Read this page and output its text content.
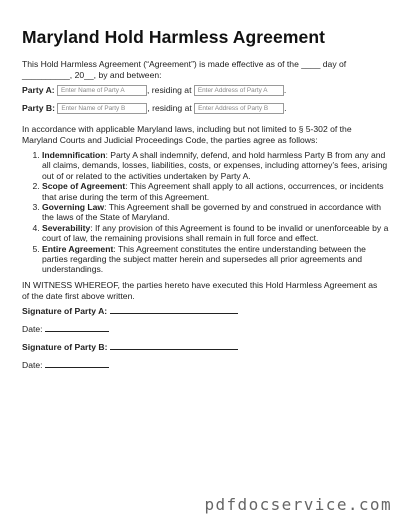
Maryland Hold Harmless Agreement

This Hold Harmless Agreement (“Agreement”) is made effective as of the ____ day of __________, 20__, by and between:

Party A: Enter Name of Party A	, residing at Enter Address of Party A .
Party B: Enter Name of Party B	, residing at Enter Address of Party B .

In accordance with applicable Maryland laws, including but not limited to § 5-302 of the Maryland Courts and Judicial Proceedings Code, the parties agree as follows:

1. Indemnification: Party A shall indemnify, defend, and hold harmless Party B from any and all claims, demands, losses, liabilities, costs, or expenses, including attorney’s fees, arising out of or related to the activities undertaken by Party A.
2. Scope of Agreement: This Agreement shall apply to all actions, occurrences, or incidents that arise during the term of this Agreement.
3. Governing Law: This Agreement shall be governed by and construed in accordance with the laws of the State of Maryland.
4. Severability: If any provision of this Agreement is found to be invalid or unenforceable by a court of law, the remaining provisions shall remain in full force and effect.
5. Entire Agreement: This Agreement constitutes the entire understanding between the parties regarding the subject matter herein and supersedes all prior agreements and understandings.

IN WITNESS WHEREOF, the parties hereto have executed this Hold Harmless Agreement as of the date first above written.

Signature of Party A:
Date:
Signature of Party B:
Date:
pdfdocservice.com
